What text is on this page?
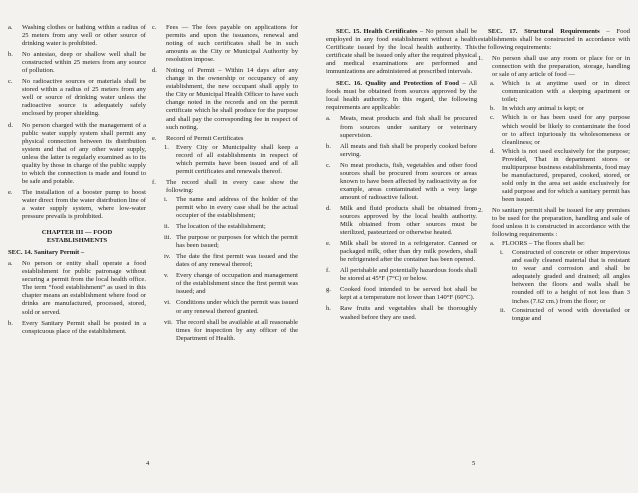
a.	Washing clothes or bathing within a radius of 25 meters from any well or other source of drinking water is prohibited.
b.	No antesiao, deep or shallow well shall be constructed within 25 meters from any source of pollution.
c.	No radioactive sources or materials shall be stored within a radius of 25 meters from any well or source of drinking water unless the radioactive source is adequately safely enclosed by proper shielding.
d.	No person charged with the management of a public water supply system shall permit any physical connection between its distribution system and that of any other water supply, unless the latter is regularly examined as to its quality by those in charge of the public supply to which the connection is made and found to be safe and potable.
e.	The installation of a booster pump to boost water direct from the water distribution line of a water supply system, where low-water pressure prevails is prohibited.
CHAPTER III — FOOD
ESTABLISHMENTS
SEC. 14. Sanitary Permit –
a.	No person or entity shall operate a food establishment for public patronage without securing a permit from the local health office. The term “food establishment” as used in this chapter means an establishment where food or drinks are manufactured, processed, stored, sold or served.
b.	Every Sanitary Permit shall be posted in a conspicuous place of the establishment.
c.	Fees — The fees payable on applications for permits and upon the issuances, renewal and noting of such certificates shall be in such amounts as the City or Municipal Authority by resolution impose.
d.	Noting of Permit – Within 14 days after any change in the ownership or occupancy of any establishment, the new occupant shall apply to the City or Municipal Health Officer to have such change noted in the records and on the permit certificate which he shall produce for the purpose and shall pay the corresponding fee in respect of such noting.
e.	Record of Permit Certificates
1.	Every City or Municipality shall keep a record of all establishments in respect of which permits have been issued and of all permit certificates and renewals thereof.
f.	The record shall in every case show the following:
i.	The name and address of the holder of the permit who in every case shall be the actual occupier of the establishment;
ii.	The location of the establishment;
iii. The purpose or purposes for which the permit has been issued;
iv. The date the first permit was issued and the dates of any renewal thereof;
v.	Every change of occupation and management of the establishment since the first permit was issued; and
vi. Conditions under which the permit was issued or any renewal thereof granted.
vii. The record shall be available at all reasonable times for inspection by any officer of the Department of Health.
4
SEC. 15. Health Certificates – No person shall be employed in any food establishment without a health Certificate issued by the local health authority. This certificate shall be issued only after the required physical and medical examinations are performed and immunizations are administered at prescribed intervals.
SEC. 16. Quality and Protection of Food – All foods must be obtained from sources approved by the local health authority. In this regard, the following requirements are applicable:
a.	Meats, meat products and fish shall be procured from sources under sanitary or veterinary supervision.
b.	All meats and fish shall be properly cooked before serving.
c.	No meat products, fish, vegetables and other food sources shall be procured from sources or areas known to have been affected by radioactivity as for example, areas contaminated with a very large amount of radioactive fallout.
d.	Milk and fluid products shall be obtained from sources approved by the local health authority. Milk obtained from other sources must be sterilized, pasteurized or otherwise heated.
e.	Milk shall be stored in a refrigerator. Canned or packaged milk, other than dry milk powders, shall be refrigerated after the container has been opened.
f.	All perishable and potentially hazardous foods shall be stored at 45°F (7°C) or below.
g.	Cooked food intended to be served hot shall be kept at a temperature not lower than 140°F (60°C).
h.	Raw fruits and vegetables shall be thoroughly washed before they are used.
SEC. 17. Structural Requirements – Food establishments shall be constructed in accordance with the following requirements:
1.	No person shall use any room or place for or in connection with the preparation, storage, handling or sale of any article of food —
a.	Which is at anytime used or in direct communication with a sleeping apartment or toilet;
b.	In which any animal is kept; or
c.	Which is or has been used for any purpose which would be likely to contaminate the food or to affect injuriously its wholesomeness or cleanliness; or
d.	Which is not used exclusively for the purpose; Provided, That in department stores or multipurpose business establishments, food may be manufactured, prepared, cooked, stored, or sold only in the area set aside exclusively for said purpose and for which a sanitary permit has been issued.
2.	No sanitary permit shall be issued for any premises to be used for the preparation, handling and sale of food unless it is constructed in accordance with the following requirements :
a.	FLOORS – The floors shall be:
i.	Constructed of concrete or other impervious and easily cleaned material that is resistant to wear and corrosion and shall be adequately graded and drained; all angles between the floors and walls shall be rounded off to a height of not less than 3 inches (7.62 cm.) from the floor; or
ii.	Constructed of wood with dovetailed or tongue and
5
